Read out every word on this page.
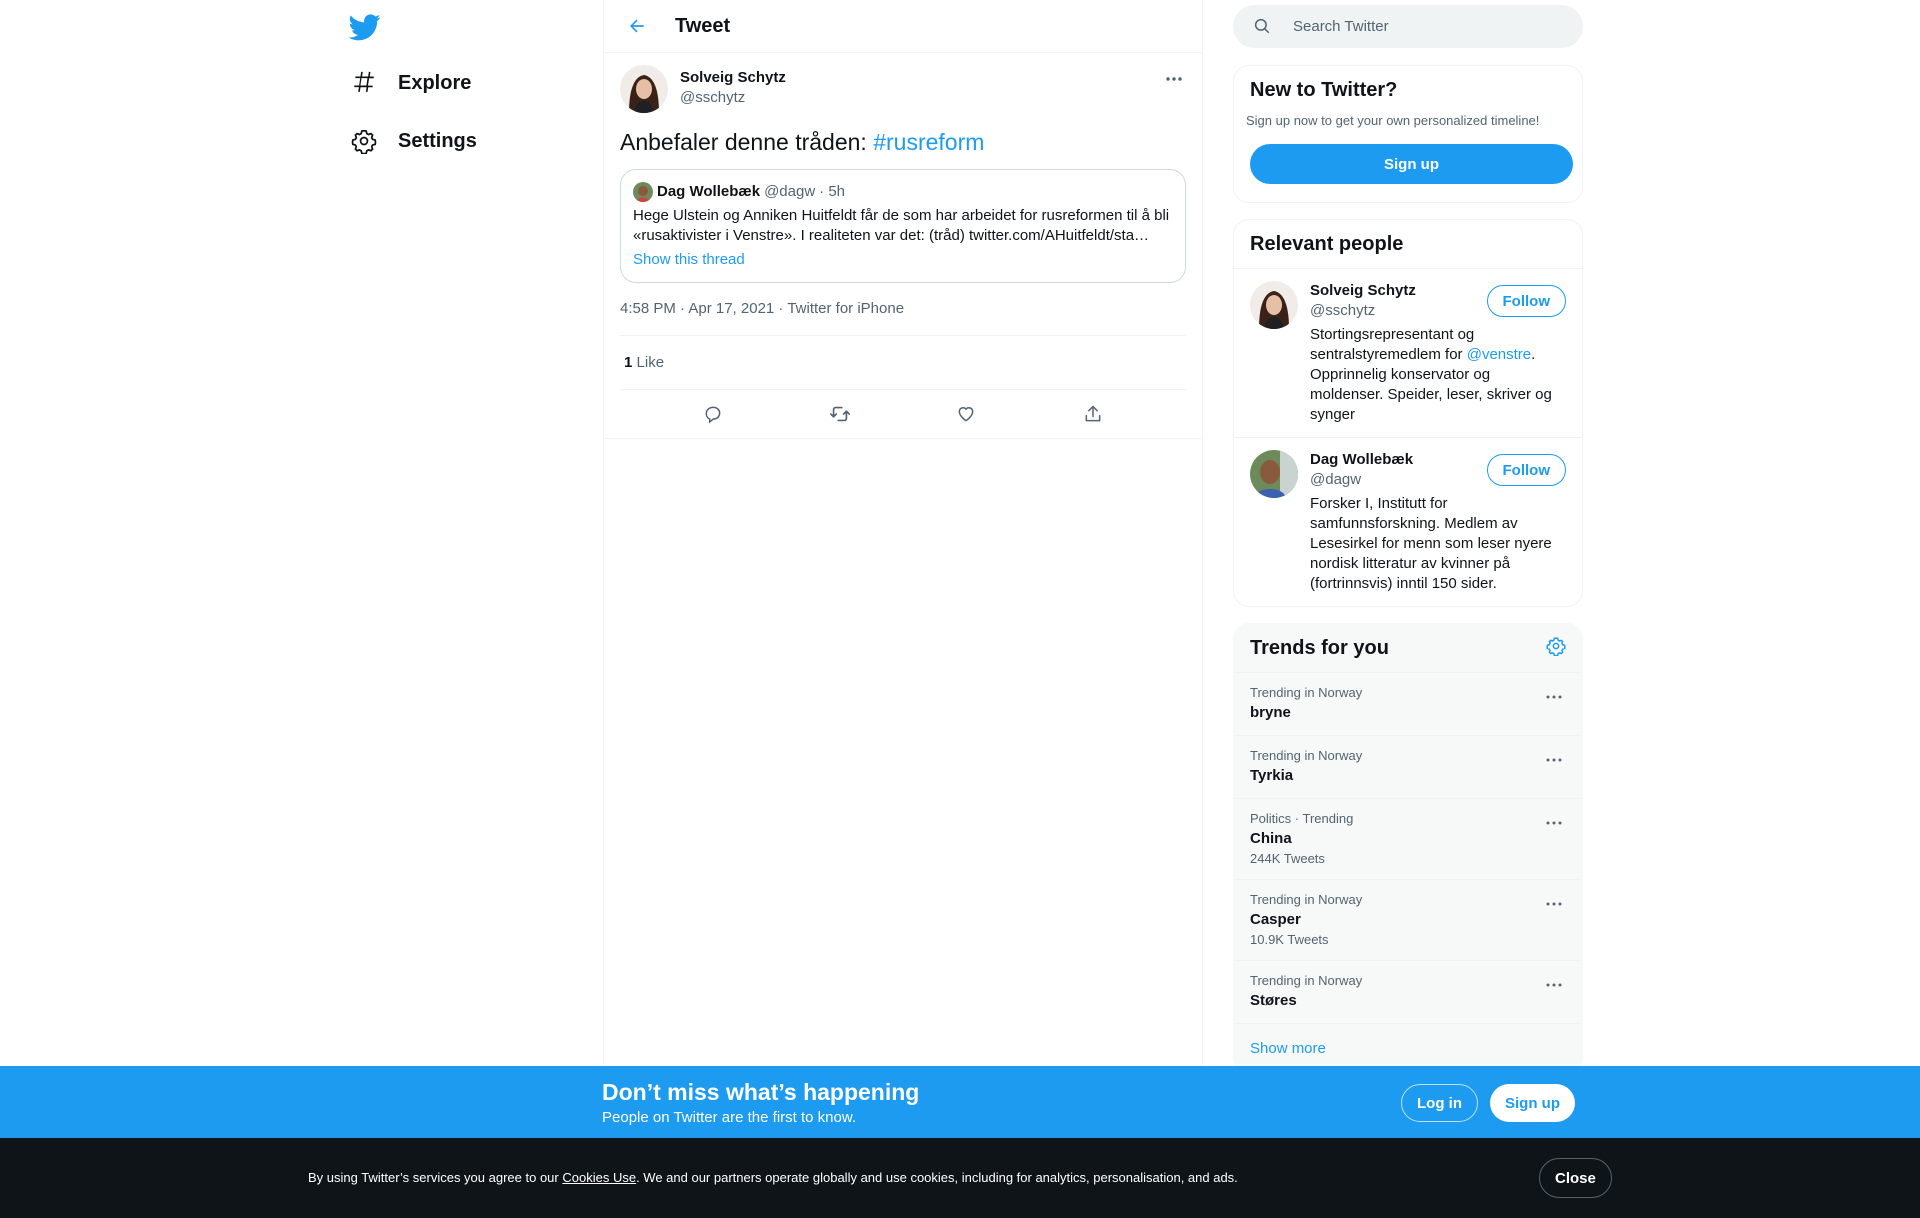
Explore
Settings
Tweet
Solveig Schytz
@sschytz
Anbefaler denne tråden: #rusreform
Dag Wollebæk @dagw · 5h
Hege Ulstein og Anniken Huitfeldt får de som har arbeidet for rusreformen til å bli «rusaktivister i Venstre». I realiteten var det: (tråd) twitter.com/AHuitfeldt/sta…
Show this thread
4:58 PM · Apr 17, 2021 · Twitter for iPhone
1 Like
Search Twitter
New to Twitter?
Sign up now to get your own personalized timeline!
Sign up
Relevant people
Solveig Schytz
@sschytz
Stortingsrepresentant og sentralstyremedlem for @venstre. Opprinnelig konservator og moldenser. Speider, leser, skriver og synger
Follow
Dag Wollebæk
@dagw
Forsker I, Institutt for samfunnsforskning. Medlem av Lesesirkel for menn som leser nyere nordisk litteratur av kvinner på (fortrinnsvis) inntil 150 sider.
Follow
Trends for you
Trending in Norway
bryne
Trending in Norway
Tyrkia
Politics · Trending
China
244K Tweets
Trending in Norway
Casper
10.9K Tweets
Trending in Norway
Støres
Show more
Don’t miss what’s happening
People on Twitter are the first to know.
Log in	Sign up
By using Twitter’s services you agree to our Cookies Use. We and our partners operate globally and use cookies, including for analytics, personalisation, and ads.	Close
